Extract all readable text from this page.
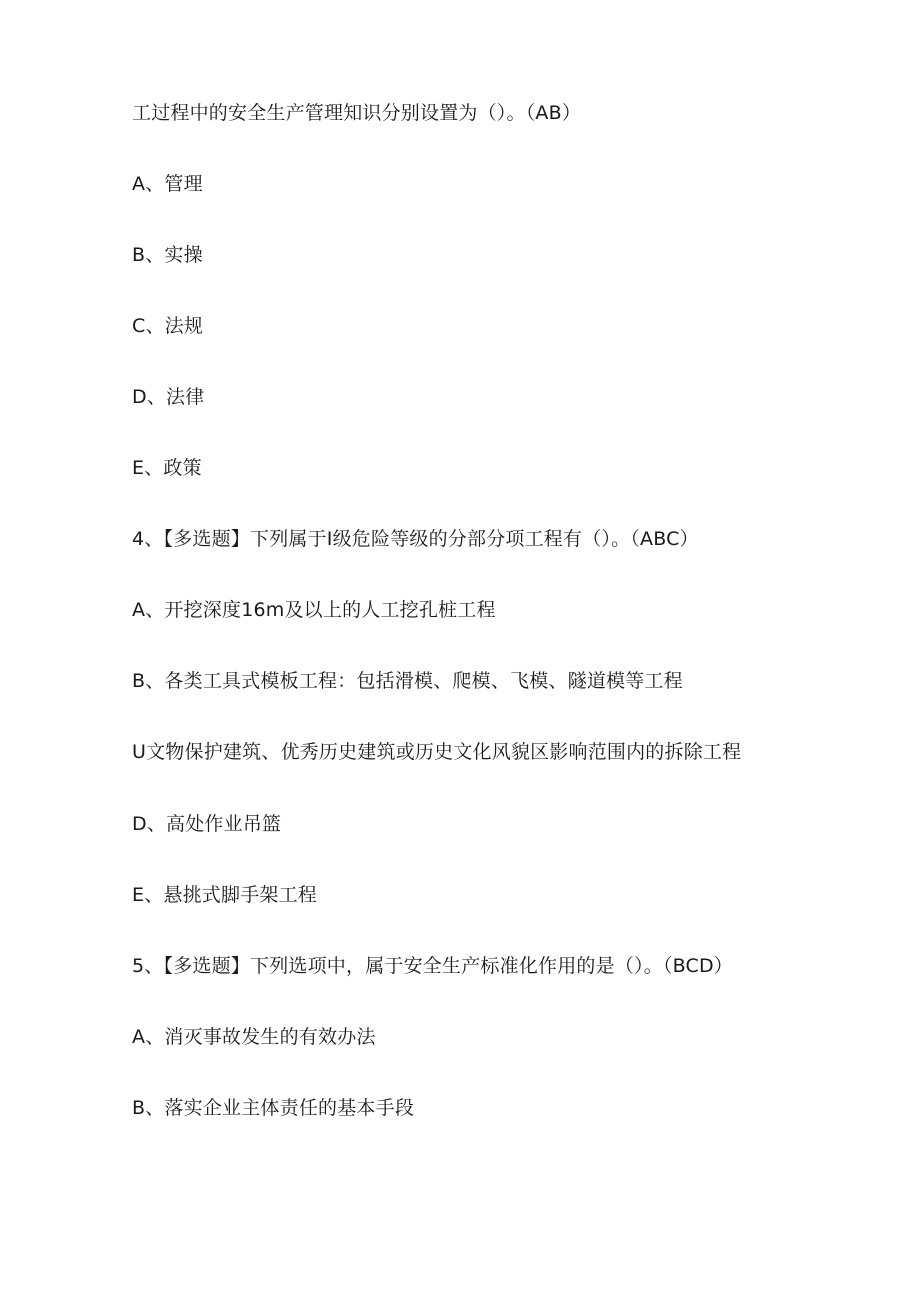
工过程中的安全生产管理知识分别设置为（）。（AB）

A、管理

B、实操

C、法规

D、法律

E、政策

4、【多选题】下列属于I级危险等级的分部分项工程有（）。（ABC）

A、开挖深度16m及以上的人工挖孔桩工程

B、各类工具式模板工程：包括滑模、爬模、飞模、隧道模等工程

U文物保护建筑、优秀历史建筑或历史文化风貌区影响范围内的拆除工程

D、高处作业吊篮

E、悬挑式脚手架工程

5、【多选题】下列选项中，属于安全生产标准化作用的是（）。（BCD）

A、消灭事故发生的有效办法

B、落实企业主体责任的基本手段
